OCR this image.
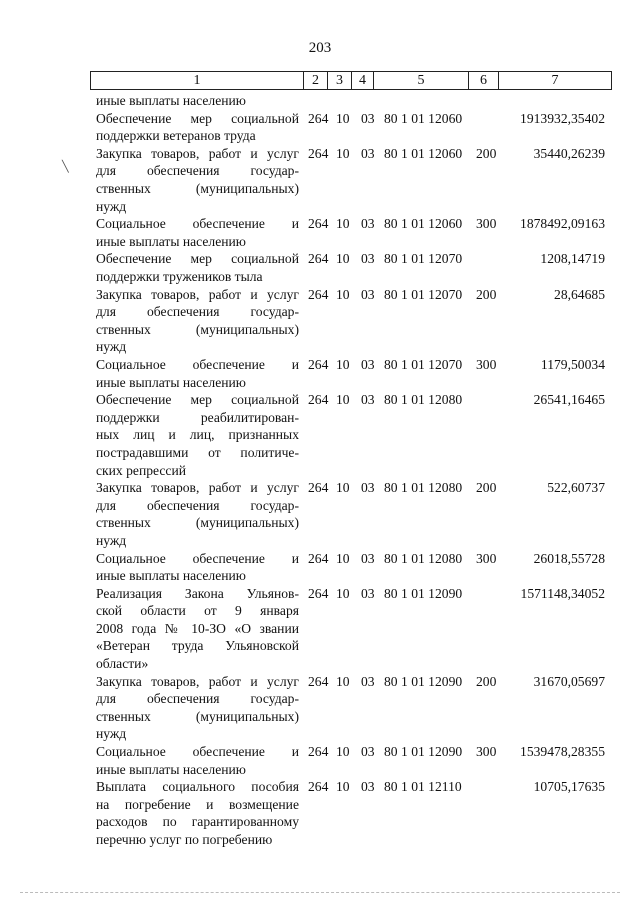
203
1	2	3	4	5	6	7
иные выплаты населению
Обеспечение мер социальной
поддержки ветеранов труда
264 10 03 80 1 01 12060	1913932,35402
Закупка товаров, работ и услуг
для обеспечения государ-
ственных (муниципальных)
нужд
264 10 03 80 1 01 12060 200	35440,26239
Социальное обеспечение и
иные выплаты населению
264 10 03 80 1 01 12060 300	1878492,09163
Обеспечение мер социальной
поддержки тружеников тыла
264 10 03 80 1 01 12070	1208,14719
Закупка товаров, работ и услуг
для обеспечения государ-
ственных (муниципальных)
нужд
264 10 03 80 1 01 12070 200	28,64685
Социальное обеспечение и
иные выплаты населению
264 10 03 80 1 01 12070 300	1179,50034
Обеспечение мер социальной
поддержки реабилитирован-
ных лиц и лиц, признанных
пострадавшими от политиче-
ских репрессий
264 10 03 80 1 01 12080	26541,16465
Закупка товаров, работ и услуг
для обеспечения государ-
ственных (муниципальных)
нужд
264 10 03 80 1 01 12080 200	522,60737
Социальное обеспечение и
иные выплаты населению
264 10 03 80 1 01 12080 300	26018,55728
Реализация Закона Ульянов-
ской области от 9 января
2008 года № 10-ЗО «О звании
«Ветеран труда Ульяновской
области»
264 10 03 80 1 01 12090	1571148,34052
Закупка товаров, работ и услуг
для обеспечения государ-
ственных (муниципальных)
нужд
264 10 03 80 1 01 12090 200	31670,05697
Социальное обеспечение и
иные выплаты населению
264 10 03 80 1 01 12090 300	1539478,28355
Выплата социального пособия
на погребение и возмещение
расходов по гарантированному
перечню услуг по погребению
264 10 03 80 1 01 12110	10705,17635
╲
